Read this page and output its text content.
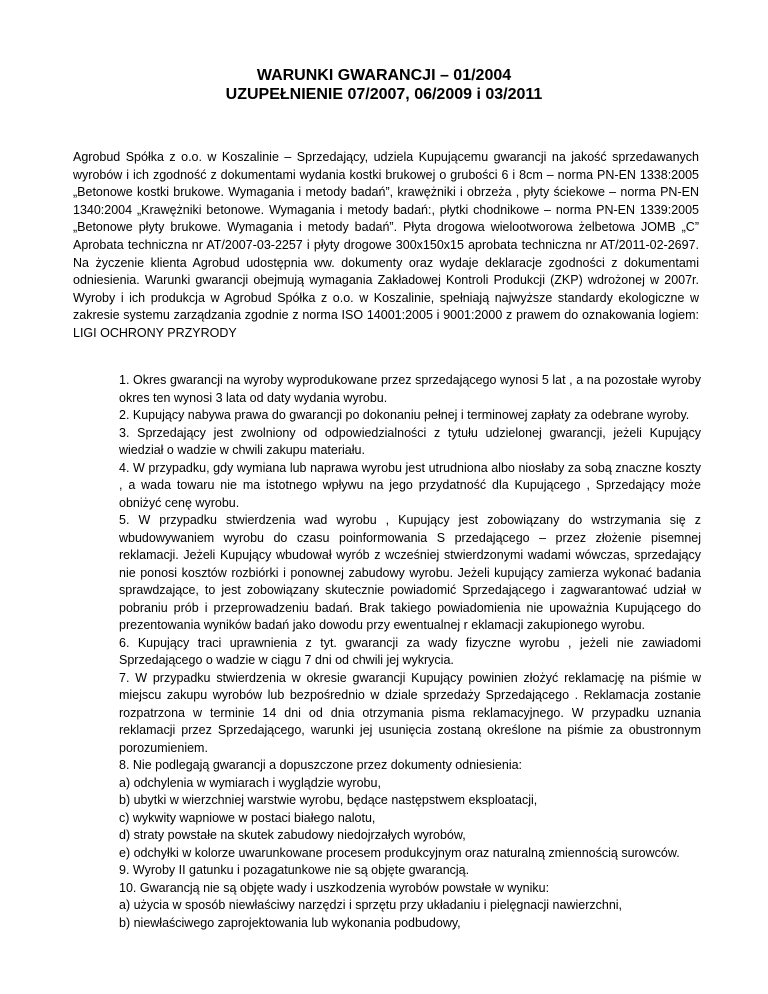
WARUNKI GWARANCJI – 01/2004
UZUPEŁNIENIE 07/2007, 06/2009 i 03/2011

Agrobud Spółka z o.o. w Koszalinie – Sprzedający, udziela Kupującemu gwarancji na jakość sprzedawanych wyrobów i ich zgodność z dokumentami wydania kostki brukowej o grubości 6 i 8cm – norma PN-EN 1338:2005 „Betonowe kostki brukowe. Wymagania i metody badań”, krawężniki i obrzeża , płyty ściekowe – norma PN-EN 1340:2004 „Krawężniki betonowe. Wymagania i metody badań:, płytki chodnikowe – norma PN-EN 1339:2005 „Betonowe płyty brukowe. Wymagania i metody badań”. Płyta drogowa wielootworowa żelbetowa JOMB „C” Aprobata techniczna nr AT/2007-03-2257 i płyty drogowe 300x150x15 aprobata techniczna nr AT/2011-02-2697. Na życzenie klienta Agrobud udostępnia ww. dokumenty oraz wydaje deklaracje zgodności z dokumentami odniesienia. Warunki gwarancji obejmują wymagania Zakładowej Kontroli Produkcji (ZKP) wdrożonej w 2007r. Wyroby i ich produkcja w Agrobud Spółka z o.o. w Koszalinie, spełniają najwyższe standardy ekologiczne w zakresie systemu zarządzania zgodnie z norma ISO 14001:2005 i 9001:2000 z prawem do oznakowania logiem: LIGI OCHRONY PRZYRODY

1. Okres gwarancji na wyroby wyprodukowane przez sprzedającego wynosi 5 lat , a na pozostałe wyroby okres ten wynosi 3 lata od daty wydania wyrobu.
2. Kupujący nabywa prawa do gwarancji po dokonaniu pełnej i terminowej zapłaty za odebrane wyroby.
3. Sprzedający jest zwolniony od odpowiedzialności z tytułu udzielonej gwarancji, jeżeli Kupujący wiedział o wadzie w chwili zakupu materiału.
4. W przypadku, gdy wymiana lub naprawa wyrobu jest utrudniona albo niosłaby za sobą znaczne koszty , a wada towaru nie ma istotnego wpływu na jego przydatność dla Kupującego , Sprzedający może obniżyć cenę wyrobu.
5. W przypadku stwierdzenia wad wyrobu , Kupujący jest zobowiązany do wstrzymania się z wbudowywaniem wyrobu do czasu poinformowania S przedającego – przez złożenie pisemnej reklamacji. Jeżeli Kupujący wbudował wyrób z wcześniej stwierdzonymi wadami wówczas, sprzedający nie ponosi kosztów rozbiórki i ponownej zabudowy wyrobu. Jeżeli kupujący zamierza wykonać badania sprawdzające, to jest zobowiązany skutecznie powiadomić Sprzedającego i zagwarantować udział w pobraniu prób i przeprowadzeniu badań. Brak takiego powiadomienia nie upoważnia Kupującego do prezentowania wyników badań jako dowodu przy ewentualnej r eklamacji zakupionego wyrobu.
6. Kupujący traci uprawnienia z tyt. gwarancji za wady fizyczne wyrobu , jeżeli nie zawiadomi Sprzedającego o wadzie w ciągu 7 dni od chwili jej wykrycia.
7. W przypadku stwierdzenia w okresie gwarancji Kupujący powinien złożyć reklamację na piśmie w miejscu zakupu wyrobów lub bezpośrednio w dziale sprzedaży Sprzedającego . Reklamacja zostanie rozpatrzona w terminie 14 dni od dnia otrzymania pisma reklamacyjnego. W przypadku uznania reklamacji przez Sprzedającego, warunki jej usunięcia zostaną określone na piśmie za obustronnym porozumieniem.
8. Nie podlegają gwarancji a dopuszczone przez dokumenty odniesienia:
a) odchylenia w wymiarach i wyglądzie wyrobu,
b) ubytki w wierzchniej warstwie wyrobu, będące następstwem eksploatacji,
c) wykwity wapniowe w postaci białego nalotu,
d) straty powstałe na skutek zabudowy niedojrzałych wyrobów,
e) odchyłki w kolorze uwarunkowane procesem produkcyjnym oraz naturalną zmiennością surowców.
9. Wyroby II gatunku i pozagatunkowe nie są objęte gwarancją.
10. Gwarancją nie są objęte wady i uszkodzenia wyrobów powstałe w wyniku:
a) użycia w sposób niewłaściwy narzędzi i sprzętu przy układaniu i pielęgnacji nawierzchni,
b) niewłaściwego zaprojektowania lub wykonania podbudowy,
